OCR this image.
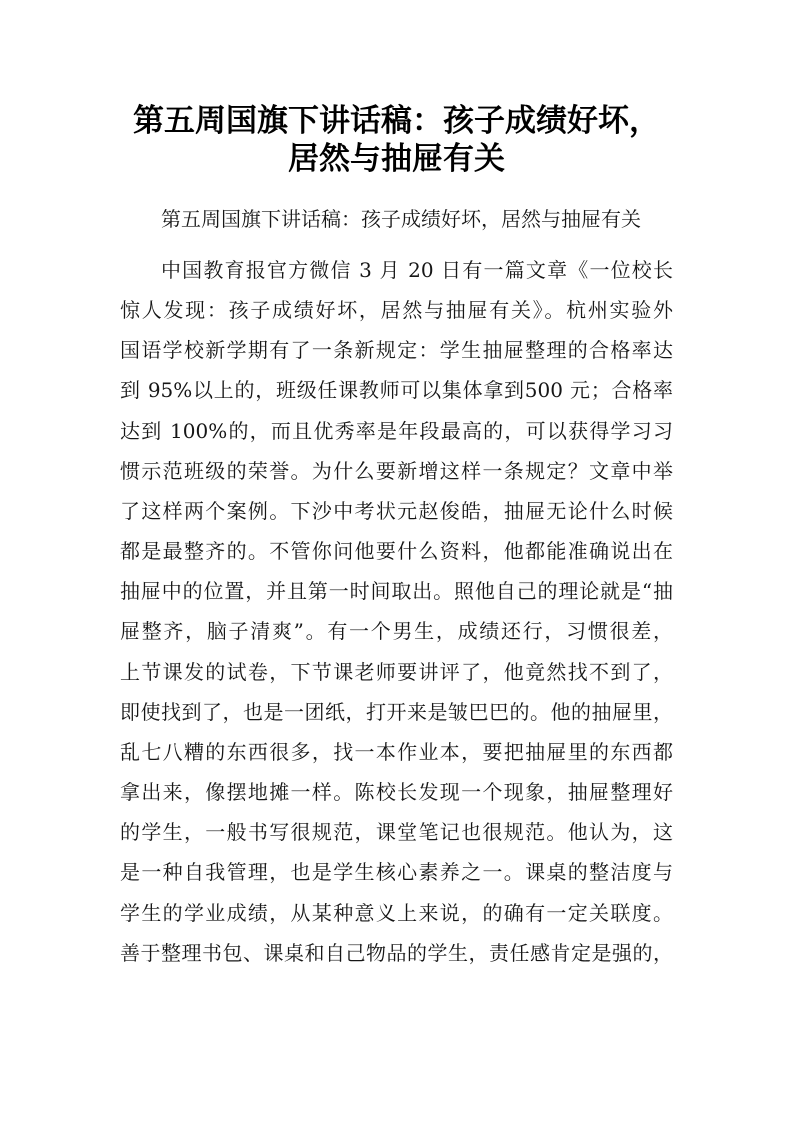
第五周国旗下讲话稿：孩子成绩好坏，
居然与抽屉有关
第五周国旗下讲话稿：孩子成绩好坏，居然与抽屉有关
中国教育报官方微信 3 月 20 日有一篇文章《一位校长
惊人发现：孩子成绩好坏，居然与抽屉有关》。杭州实验外
国语学校新学期有了一条新规定：学生抽屉整理的合格率达
到 95%以上的，班级任课教师可以集体拿到500 元；合格率
达到 100%的，而且优秀率是年段最高的，可以获得学习习
惯示范班级的荣誉。为什么要新增这样一条规定？文章中举
了这样两个案例。下沙中考状元赵俊皓，抽屉无论什么时候
都是最整齐的。不管你问他要什么资料，他都能准确说出在
抽屉中的位置，并且第一时间取出。照他自己的理论就是“抽
屉整齐，脑子清爽”。有一个男生，成绩还行，习惯很差，
上节课发的试卷，下节课老师要讲评了，他竟然找不到了，
即使找到了，也是一团纸，打开来是皱巴巴的。他的抽屉里，
乱七八糟的东西很多，找一本作业本，要把抽屉里的东西都
拿出来，像摆地摊一样。陈校长发现一个现象，抽屉整理好
的学生，一般书写很规范，课堂笔记也很规范。他认为，这
是一种自我管理，也是学生核心素养之一。课桌的整洁度与
学生的学业成绩，从某种意义上来说，的确有一定关联度。
善于整理书包、课桌和自己物品的学生，责任感肯定是强的，
